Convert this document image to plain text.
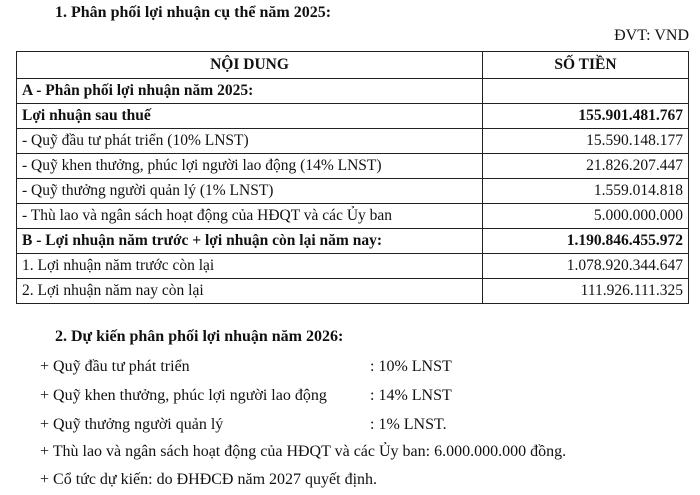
1. Phân phối lợi nhuận cụ thể năm 2025:
ĐVT: VND
NỘI DUNG	SỐ TIỀN
A - Phân phối lợi nhuận năm 2025:	
Lợi nhuận sau thuế	155.901.481.767
- Quỹ đầu tư phát triển (10% LNST)	15.590.148.177
- Quỹ khen thưởng, phúc lợi người lao động (14% LNST)	21.826.207.447
- Quỹ thưởng người quản lý (1% LNST)	1.559.014.818
- Thù lao và ngân sách hoạt động của HĐQT và các Ủy ban	5.000.000.000
B - Lợi nhuận năm trước + lợi nhuận còn lại năm nay:	1.190.846.455.972
1. Lợi nhuận năm trước còn lại	1.078.920.344.647
2. Lợi nhuận năm nay còn lại	111.926.111.325
2. Dự kiến phân phối lợi nhuận năm 2026:
+ Quỹ đầu tư phát triển	: 10% LNST
+ Quỹ khen thưởng, phúc lợi người lao động	: 14% LNST
+ Quỹ thưởng người quản lý	: 1% LNST.
+ Thù lao và ngân sách hoạt động của HĐQT và các Ủy ban: 6.000.000.000 đồng.
+ Cổ tức dự kiến: do ĐHĐCĐ năm 2027 quyết định.
